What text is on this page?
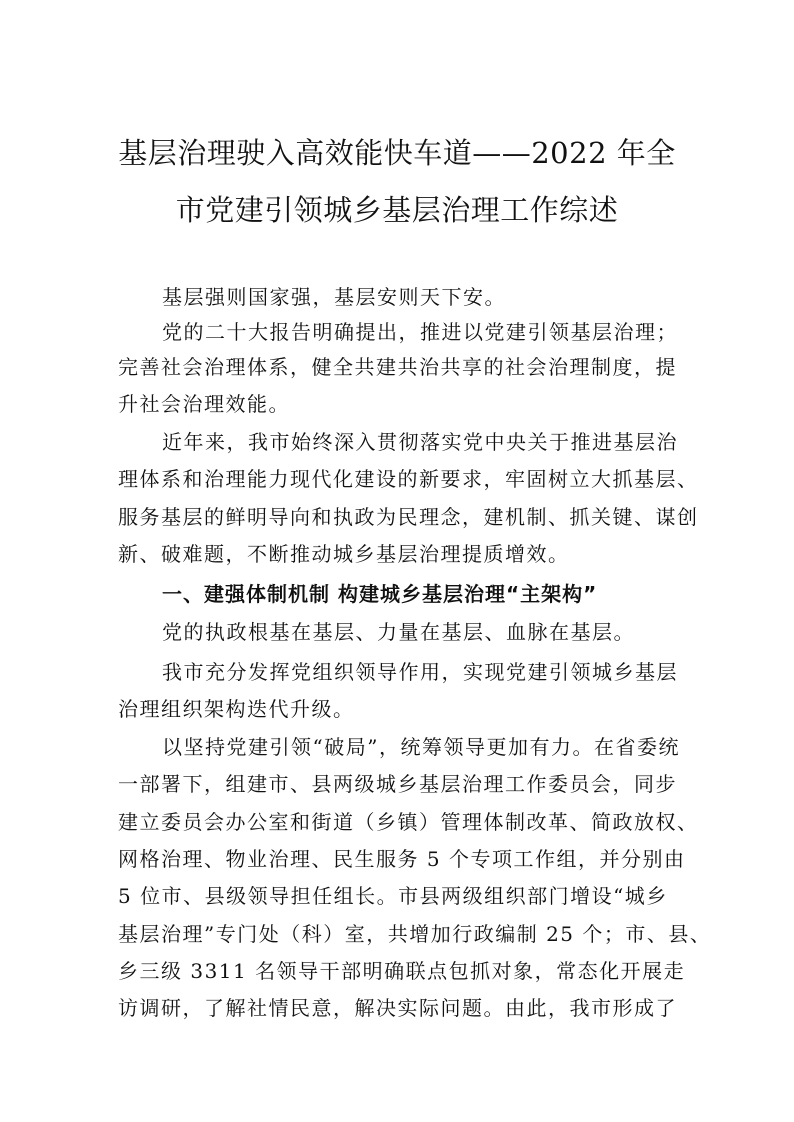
基层治理驶入高效能快车道——2022 年全
市党建引领城乡基层治理工作综述
基层强则国家强，基层安则天下安。
党的二十大报告明确提出，推进以党建引领基层治理；
完善社会治理体系，健全共建共治共享的社会治理制度，提
升社会治理效能。
近年来，我市始终深入贯彻落实党中央关于推进基层治
理体系和治理能力现代化建设的新要求，牢固树立大抓基层、
服务基层的鲜明导向和执政为民理念，建机制、抓关键、谋创
新、破难题，不断推动城乡基层治理提质增效。
一、建强体制机制 构建城乡基层治理“主架构”
党的执政根基在基层、力量在基层、血脉在基层。
我市充分发挥党组织领导作用，实现党建引领城乡基层
治理组织架构迭代升级。
以坚持党建引领“破局”，统筹领导更加有力。在省委统
一部署下，组建市、县两级城乡基层治理工作委员会，同步
建立委员会办公室和街道（乡镇）管理体制改革、简政放权、
网格治理、物业治理、民生服务 5 个专项工作组，并分别由
5 位市、县级领导担任组长。市县两级组织部门增设“城乡
基层治理”专门处（科）室，共增加行政编制 25 个；市、县、
乡三级 3311 名领导干部明确联点包抓对象，常态化开展走
访调研，了解社情民意，解决实际问题。由此，我市形成了
